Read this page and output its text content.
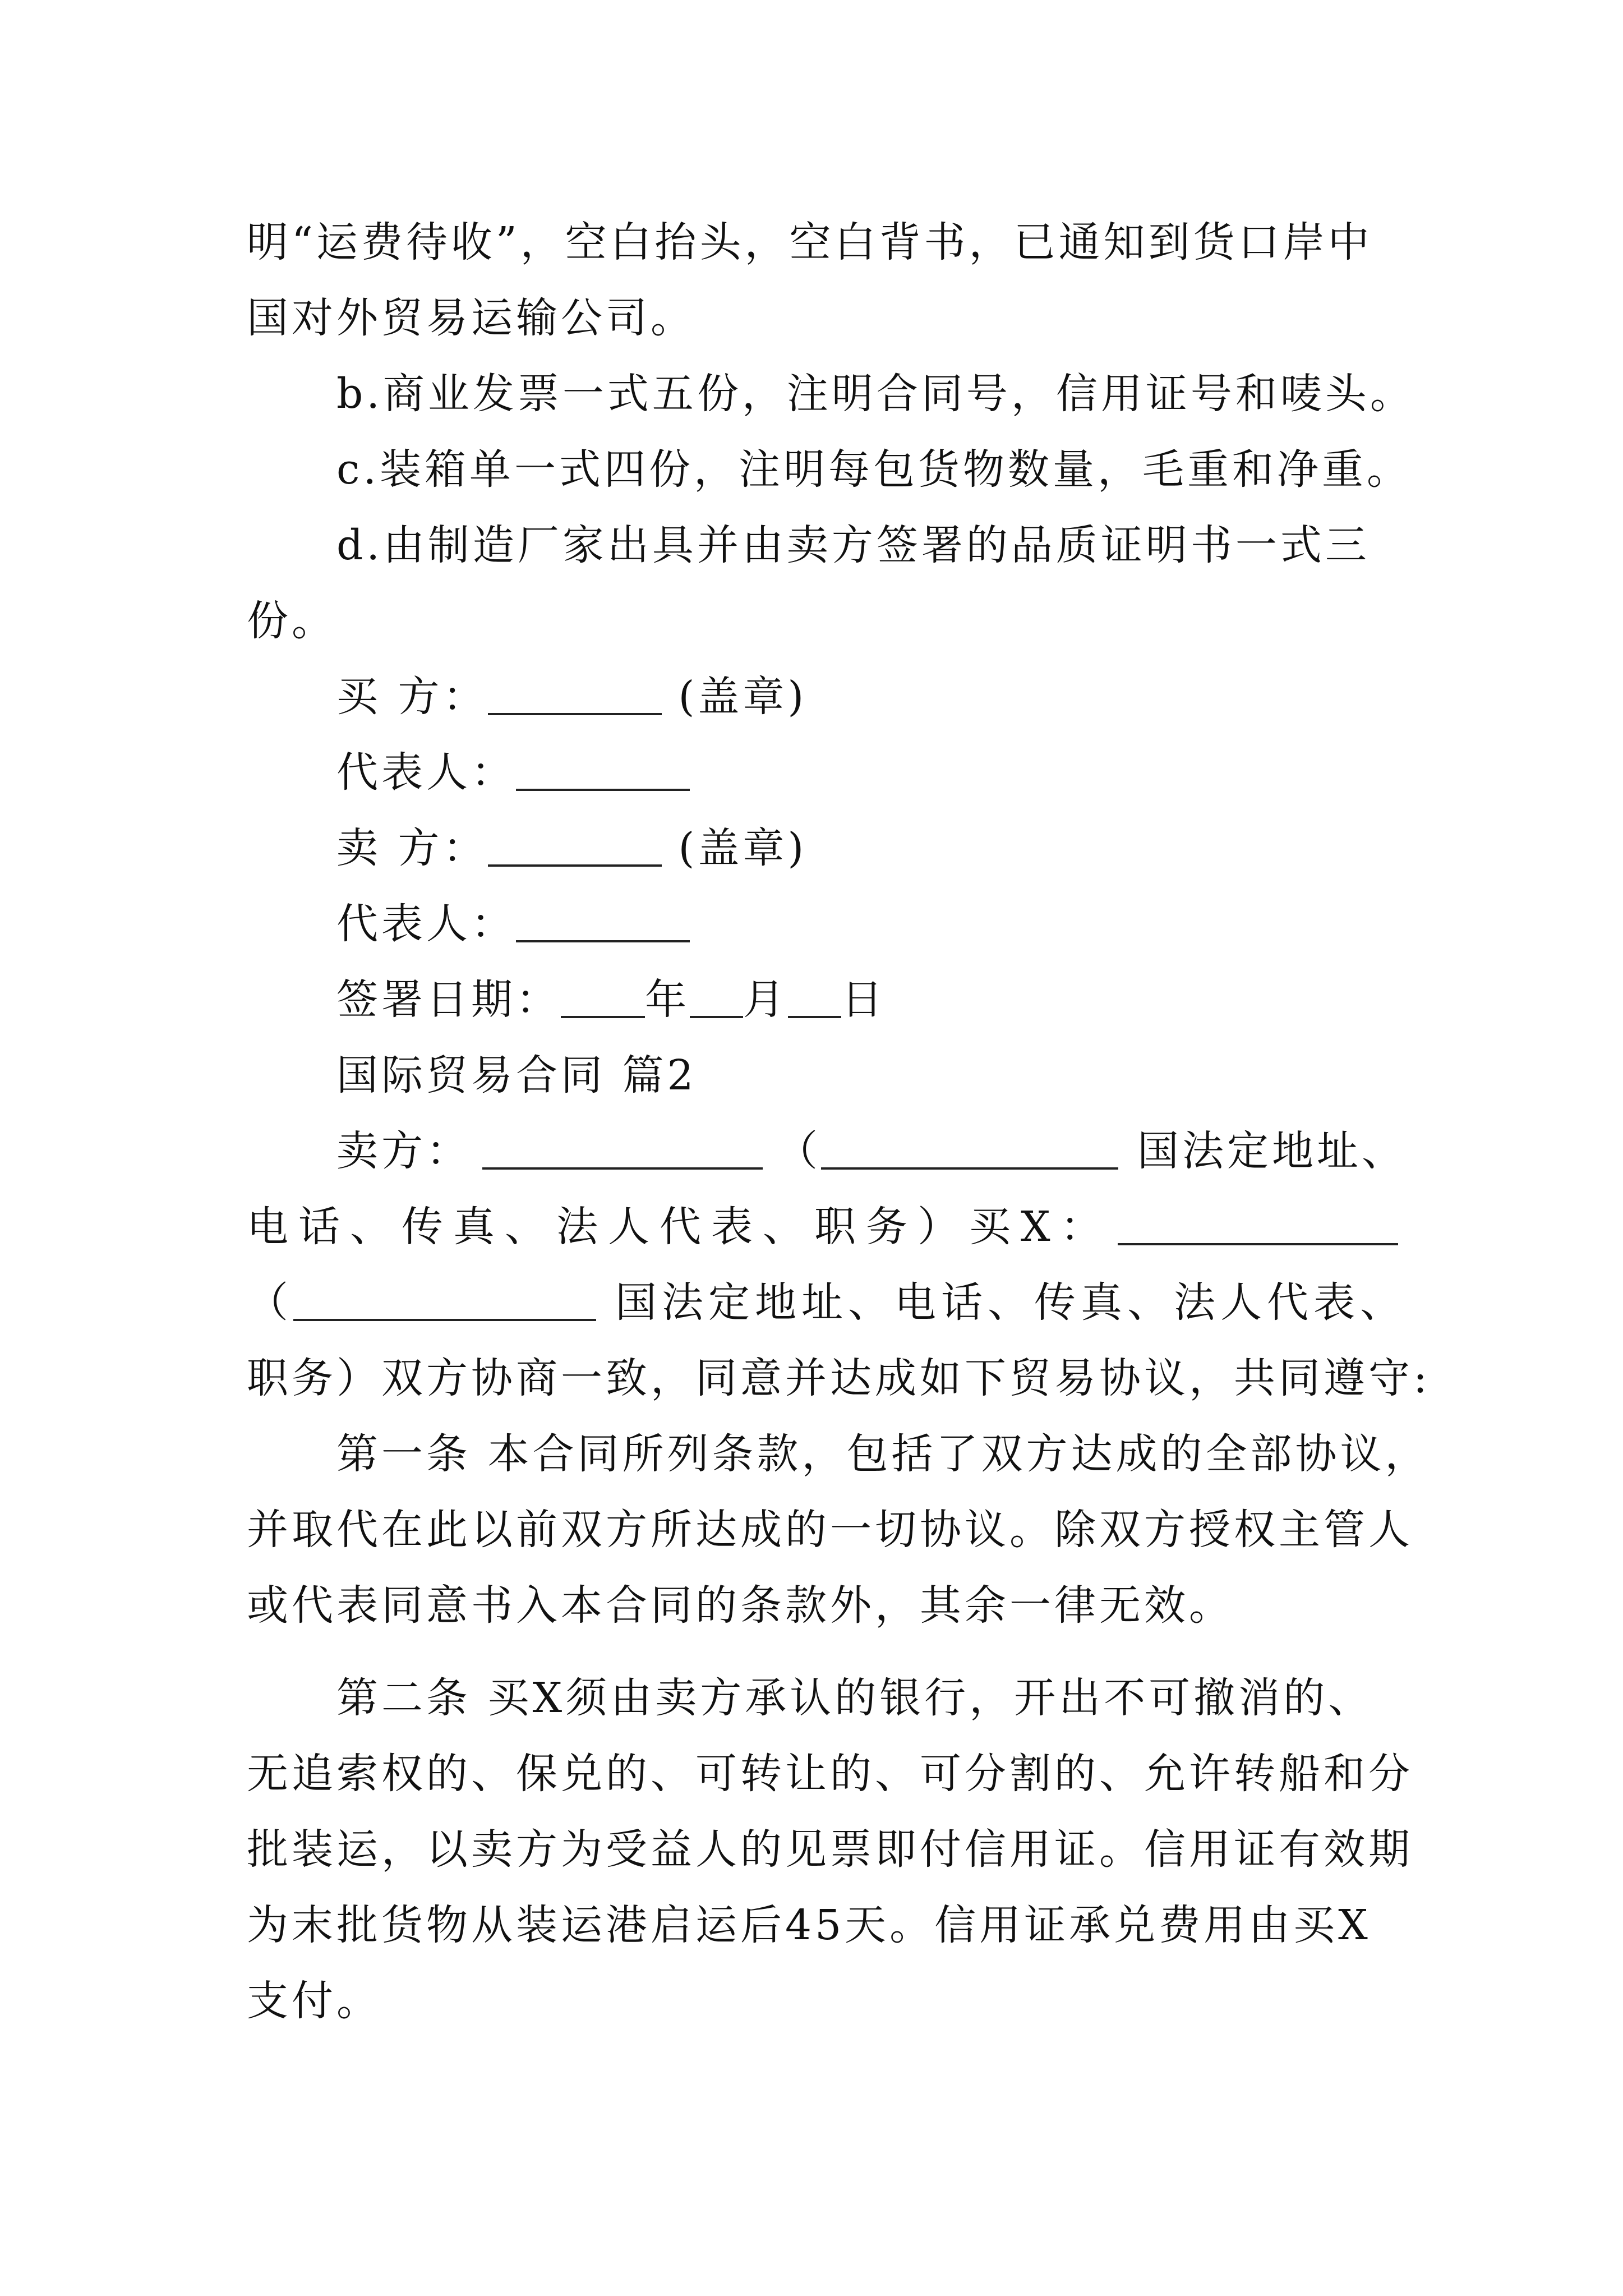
明“运费待收”，空白抬头，空白背书，已通知到货口岸中
国对外贸易运输公司。
b.商业发票一式五份，注明合同号，信用证号和唛头。
c.装箱单一式四份，注明每包货物数量，毛重和净重。
d.由制造厂家出具并由卖方签署的品质证明书一式三
份。
买 方：	(盖章)
代表人：
卖 方：	(盖章)
代表人：
签署日期： 年 月 日
国际贸易合同 篇2
卖方：	（	国法定地址、
电话、传真、法人代表、职务）买X：
（	国法定地址、电话、传真、法人代表、
职务）双方协商一致，同意并达成如下贸易协议，共同遵守:
第一条 本合同所列条款，包括了双方达成的全部协议，
并取代在此以前双方所达成的一切协议。除双方授权主管人
或代表同意书入本合同的条款外，其余一律无效。
第二条 买X须由卖方承认的银行，开出不可撤消的、
无追索权的、保兑的、可转让的、可分割的、允许转船和分
批装运，以卖方为受益人的见票即付信用证。信用证有效期
为末批货物从装运港启运后45天。信用证承兑费用由买X
支付。
